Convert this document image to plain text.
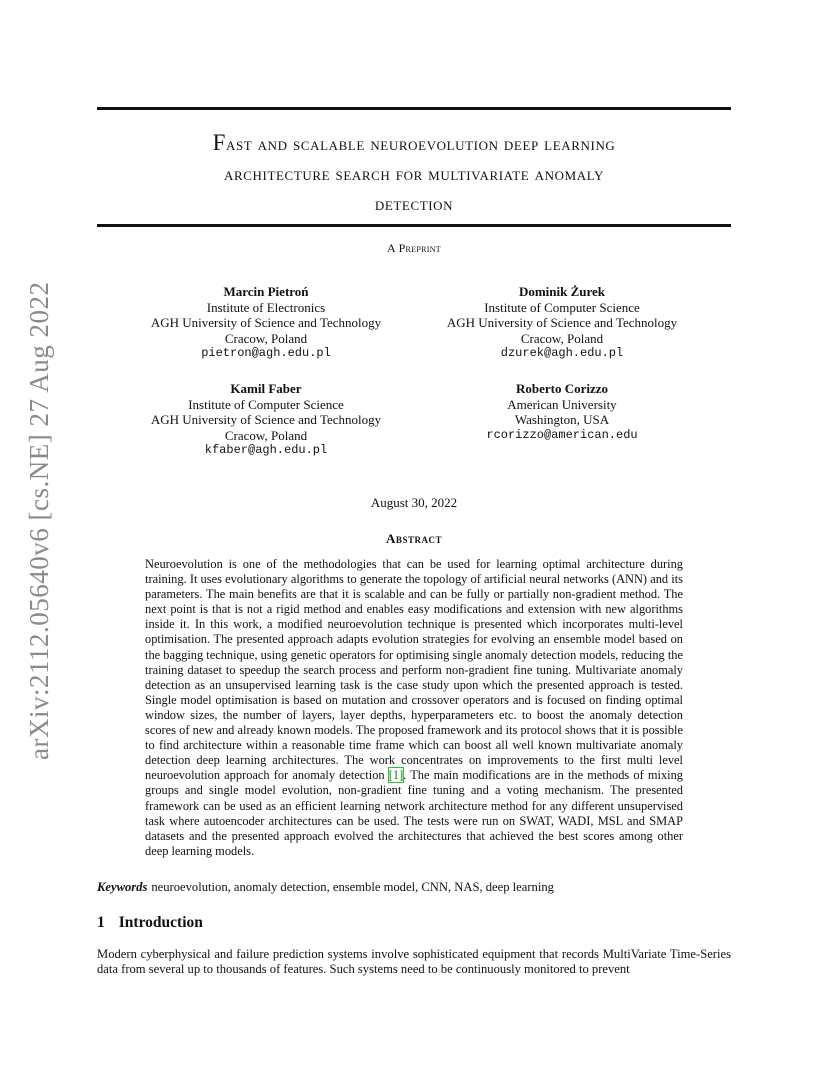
arXiv:2112.05640v6 [cs.NE] 27 Aug 2022
Fast and scalable neuroevolution deep learning
architecture search for multivariate anomaly
detection
A Preprint
Marcin Pietroń
Institute of Electronics
AGH University of Science and Technology
Cracow, Poland
pietron@agh.edu.pl
Dominik Żurek
Institute of Computer Science
AGH University of Science and Technology
Cracow, Poland
dzurek@agh.edu.pl
Kamil Faber
Institute of Computer Science
AGH University of Science and Technology
Cracow, Poland
kfaber@agh.edu.pl
Roberto Corizzo
American University
Washington, USA
rcorizzo@american.edu
August 30, 2022
Abstract

Neuroevolution is one of the methodologies that can be used for learning optimal architecture during training. It uses evolutionary algorithms to generate the topology of artificial neural networks (ANN) and its parameters. The main benefits are that it is scalable and can be fully or partially non-gradient method. The next point is that is not a rigid method and enables easy modifications and extension with new algorithms inside it. In this work, a modified neuroevolution technique is presented which incorporates multi-level optimisation. The presented approach adapts evolution strategies for evolving an ensemble model based on the bagging technique, using genetic operators for optimising single anomaly detection models, reducing the training dataset to speedup the search process and perform non-gradient fine tuning. Multivariate anomaly detection as an unsupervised learning task is the case study upon which the presented approach is tested. Single model optimisation is based on mutation and crossover operators and is focused on finding optimal window sizes, the number of layers, layer depths, hyperparameters etc. to boost the anomaly detection scores of new and already known models. The proposed framework and its protocol shows that it is possible to find architecture within a reasonable time frame which can boost all well known multivariate anomaly detection deep learning architectures. The work concentrates on improvements to the first multi level neuroevolution approach for anomaly detection [1]. The main modifications are in the methods of mixing groups and single model evolution, non-gradient fine tuning and a voting mechanism. The presented framework can be used as an efficient learning network architecture method for any different unsupervised task where autoencoder architectures can be used. The tests were run on SWAT, WADI, MSL and SMAP datasets and the presented approach evolved the architectures that achieved the best scores among other deep learning models.

Keywords neuroevolution, anomaly detection, ensemble model, CNN, NAS, deep learning
1 Introduction

Modern cyberphysical and failure prediction systems involve sophisticated equipment that records MultiVariate Time-Series data from several up to thousands of features. Such systems need to be continuously monitored to prevent
